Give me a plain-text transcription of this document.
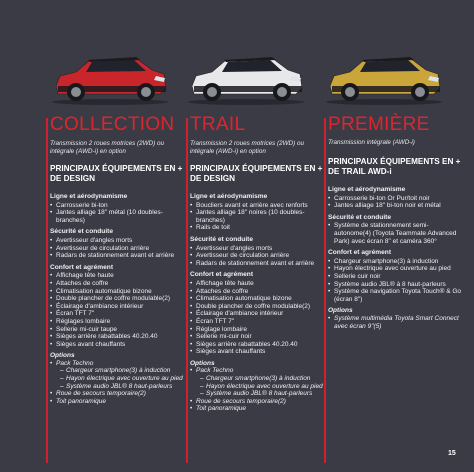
COLLECTION
Transmission 2 roues motrices (2WD) ou intégrale (AWD-i) en option
PRINCIPAUX ÉQUIPEMENTS EN + DE DESIGN
Ligne et aérodynamisme
• Carrosserie bi-ton
• Jantes alliage 18" métal (10 doubles-branches)
Sécurité et conduite
• Avertisseur d'angles morts
• Avertisseur de circulation arrière
• Radars de stationnement avant et arrière
Confort et agrément
• Affichage tête haute
• Attaches de coffre
• Climatisation automatique bizone
• Double plancher de coffre modulable(2)
• Éclairage d'ambiance intérieur
• Écran TFT 7"
• Réglages lombaire
• Sellerie mi-cuir taupe
• Sièges arrière rabattables 40.20.40
• Sièges avant chauffants
Options
• Pack Techno
– Chargeur smartphone(3) à induction
– Hayon électrique avec ouverture au pied
– Système audio JBL® 8 haut-parleurs
• Roue de secours temporaire(2)
• Toit panoramique
TRAIL
Transmission 2 roues motrices (2WD) ou intégrale (AWD-i) en option
PRINCIPAUX ÉQUIPEMENTS EN + DE DESIGN
Ligne et aérodynamisme
• Boucliers avant et arrière avec renforts
• Jantes alliage 18" noires (10 doubles-branches)
• Rails de toit
Sécurité et conduite
• Avertisseur d'angles morts
• Avertisseur de circulation arrière
• Radars de stationnement avant et arrière
Confort et agrément
• Affichage tête haute
• Attaches de coffre
• Climatisation automatique bizone
• Double plancher de coffre modulable(2)
• Éclairage d'ambiance intérieur
• Écran TFT 7"
• Réglage lombaire
• Sellerie mi-cuir noir
• Sièges arrière rabattables 40.20.40
• Sièges avant chauffants
Options
• Pack Techno
– Chargeur smartphone(3) à induction
– Hayon électrique avec ouverture au pied
– Système audio JBL® 8 haut-parleurs
• Roue de secours temporaire(2)
• Toit panoramique
PREMIÈRE
Transmission intégrale (AWD-i)
PRINCIPAUX ÉQUIPEMENTS EN + DE TRAIL AWD-i
Ligne et aérodynamisme
• Carrosserie bi-ton Or Pur/toit noir
• Jantes alliage 18" bi-ton noir et métal
Sécurité et conduite
• Système de stationnement semi-autonome(4) (Toyota Teammate Advanced Park) avec écran 8" et caméra 360°
Confort et agrément
• Chargeur smartphone(3) à induction
• Hayon électrique avec ouverture au pied
• Sellerie cuir noir
• Système audio JBL® à 8 haut-parleurs
• Système de navigation Toyota Touch® & Go (écran 8")
Options
• Système multimédia Toyota Smart Connect avec écran 9"(5)
15
